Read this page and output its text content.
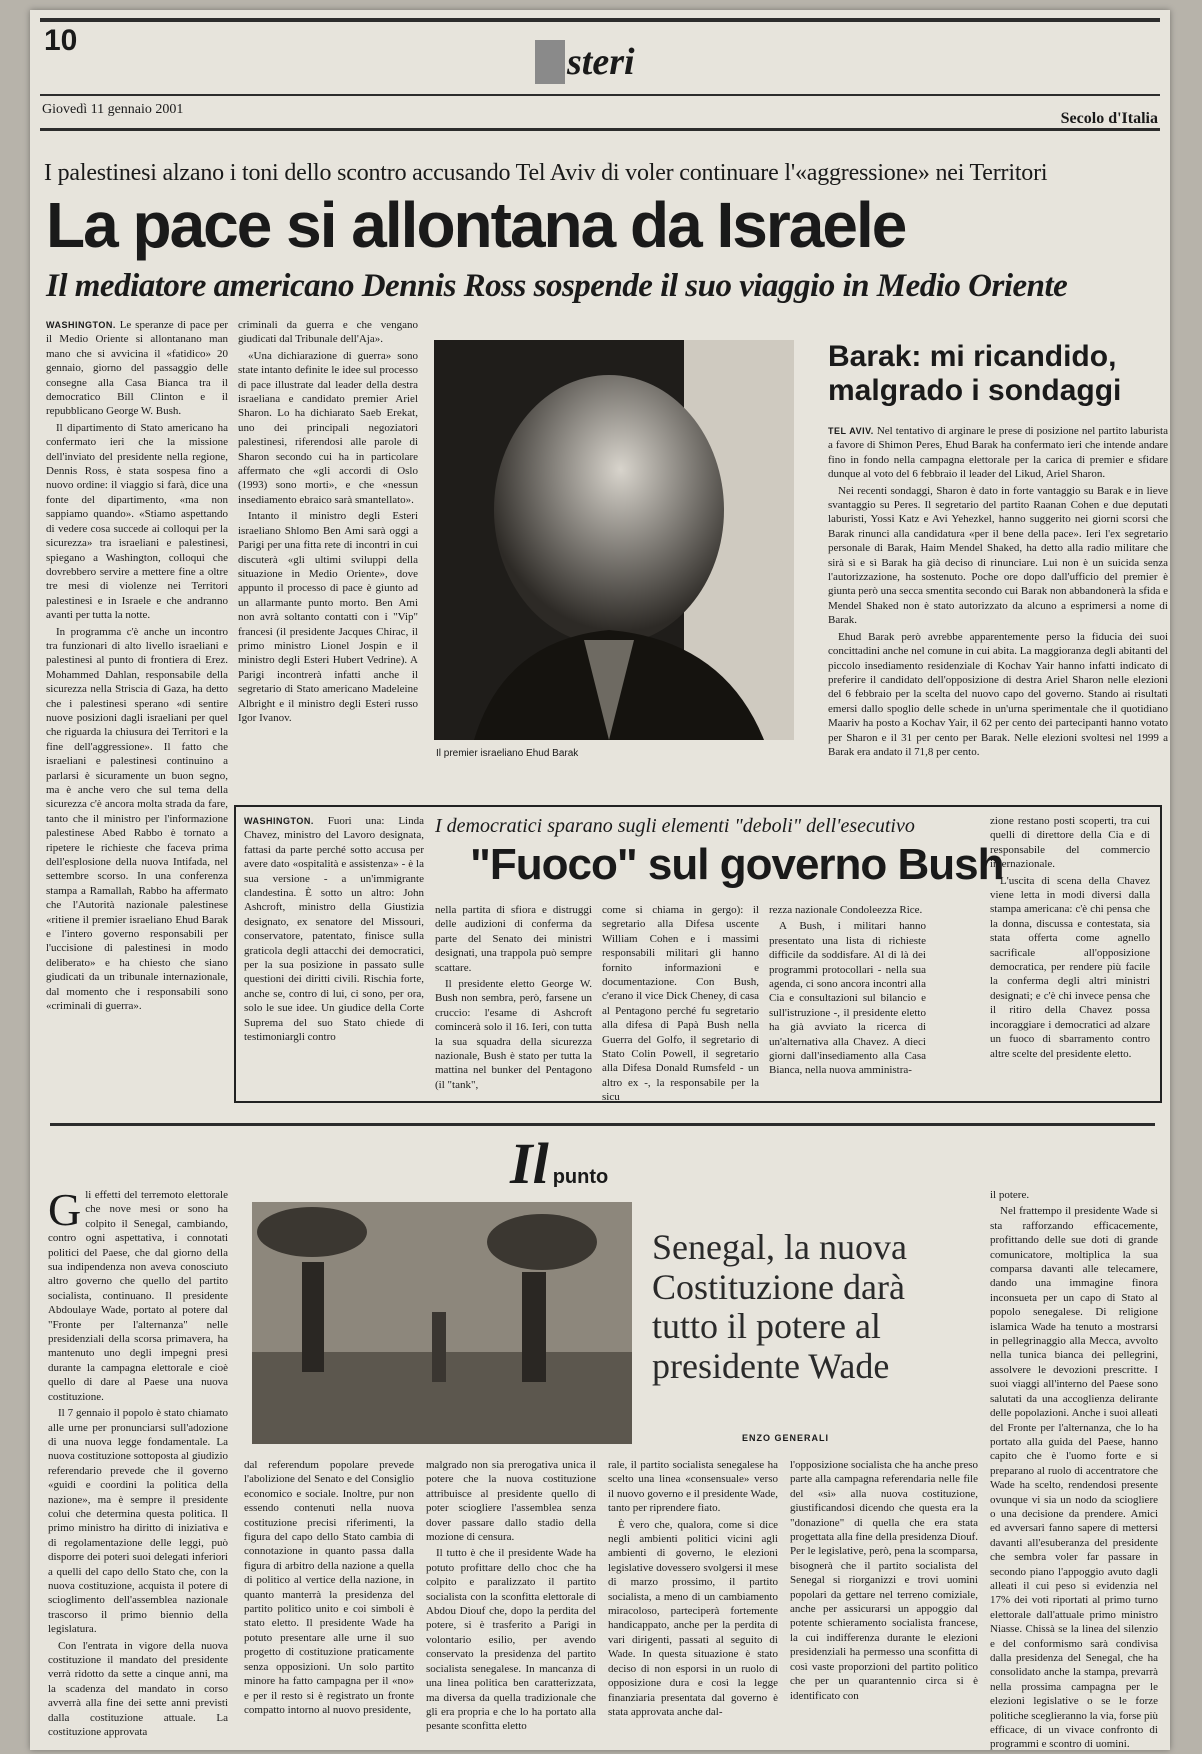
10
steri
Giovedì 11 gennaio 2001
Secolo d'Italia
I palestinesi alzano i toni dello scontro accusando Tel Aviv di voler continuare l'«aggressione» nei Territori
La pace si allontana da Israele
Il mediatore americano Dennis Ross sospende il suo viaggio in Medio Oriente

WASHINGTON. Le speranze di pace per il Medio Oriente si allontanano man mano che si avvicina il «fatidico» 20 gennaio, giorno del passaggio delle consegne alla Casa Bianca tra il democratico Bill Clinton e il repubblicano George W. Bush.

Il dipartimento di Stato americano ha confermato ieri che la missione dell'inviato del presidente nella regione, Dennis Ross, è stata sospesa fino a nuovo ordine: il viaggio si farà, dice una fonte del dipartimento, «ma non sappiamo quando». «Stiamo aspettando di vedere cosa succede ai colloqui per la sicurezza» tra israeliani e palestinesi, spiegano a Washington, colloqui che dovrebbero servire a mettere fine a oltre tre mesi di violenze nei Territori palestinesi e in Israele e che andranno avanti per tutta la notte.

In programma c'è anche un incontro tra funzionari di alto livello israeliani e palestinesi al punto di frontiera di Erez. Mohammed Dahlan, responsabile della sicurezza nella Striscia di Gaza, ha detto che i palestinesi sperano «di sentire nuove posizioni dagli israeliani per quel che riguarda la chiusura dei Territori e la fine dell'aggressione». Il fatto che israeliani e palestinesi continuino a parlarsi è sicuramente un buon segno, ma è anche vero che sul tema della sicurezza c'è ancora molta strada da fare, tanto che il ministro per l'informazione palestinese Abed Rabbo è tornato a ripetere le richieste che faceva prima dell'esplosione della nuova Intifada, nel settembre scorso. In una conferenza stampa a Ramallah, Rabbo ha affermato che l'Autorità nazionale palestinese «ritiene il premier israeliano Ehud Barak e l'intero governo responsabili per l'uccisione di palestinesi in modo deliberato» e ha chiesto che siano giudicati da un tribunale internazionale, dal momento che i responsabili sono «criminali di guerra».

criminali da guerra e che vengano giudicati dal Tribunale dell'Aja».

«Una dichiarazione di guerra» sono state intanto definite le idee sul processo di pace illustrate dal leader della destra israeliana e candidato premier Ariel Sharon. Lo ha dichiarato Saeb Erekat, uno dei principali negoziatori palestinesi, riferendosi alle parole di Sharon secondo cui ha in particolare affermato che «gli accordi di Oslo (1993) sono morti», e che «nessun insediamento ebraico sarà smantellato».

Intanto il ministro degli Esteri israeliano Shlomo Ben Ami sarà oggi a Parigi per una fitta rete di incontri in cui discuterà «gli ultimi sviluppi della situazione in Medio Oriente», dove appunto il processo di pace è giunto ad un allarmante punto morto. Ben Ami non avrà soltanto contatti con i "Vip" francesi (il presidente Jacques Chirac, il primo ministro Lionel Jospin e il ministro degli Esteri Hubert Vedrine). A Parigi incontrerà infatti anche il segretario di Stato americano Madeleine Albright e il ministro degli Esteri russo Igor Ivanov.

Il premier israeliano Ehud Barak
Barak: mi ricandido,
malgrado i sondaggi

TEL AVIV. Nel tentativo di arginare le prese di posizione nel partito laburista a favore di Shimon Peres, Ehud Barak ha confermato ieri che intende andare fino in fondo nella campagna elettorale per la carica di premier e sfidare dunque al voto del 6 febbraio il leader del Likud, Ariel Sharon.

Nei recenti sondaggi, Sharon è dato in forte vantaggio su Barak e in lieve svantaggio su Peres. Il segretario del partito Raanan Cohen e due deputati laburisti, Yossi Katz e Avi Yehezkel, hanno suggerito nei giorni scorsi che Barak rinunci alla candidatura «per il bene della pace». Ieri l'ex segretario personale di Barak, Haim Mendel Shaked, ha detto alla radio militare che sirà sì e sì Barak ha già deciso di rinunciare. Lui non è un suicida senza l'autorizzazione, ha sostenuto. Poche ore dopo dall'ufficio del premier è giunta però una secca smentita secondo cui Barak non abbandonerà la sfida e Mendel Shaked non è stato autorizzato da alcuno a esprimersi a nome di Barak.

Ehud Barak però avrebbe apparentemente perso la fiducia dei suoi concittadini anche nel comune in cui abita. La maggioranza degli abitanti del piccolo insediamento residenziale di Kochav Yair hanno infatti indicato di preferire il candidato dell'opposizione di destra Ariel Sharon nelle elezioni del 6 febbraio per la scelta del nuovo capo del governo. Stando ai risultati emersi dallo spoglio delle schede in un'urna sperimentale che il quotidiano Maariv ha posto a Kochav Yair, il 62 per cento dei partecipanti hanno votato per Sharon e il 31 per cento per Barak. Nelle elezioni svoltesi nel 1999 a Barak era andato il 71,8 per cento.

WASHINGTON. Fuori una: Linda Chavez, ministro del Lavoro designata, fattasi da parte perché sotto accusa per avere dato «ospitalità e assistenza» - è la sua versione - a un'immigrante clandestina. È sotto un altro: John Ashcroft, ministro della Giustizia designato, ex senatore del Missouri, conservatore, patentato, finisce sulla graticola degli attacchi dei democratici, per la sua posizione in passato sulle questioni dei diritti civili. Rischia forte, anche se, contro di lui, ci sono, per ora, solo le sue idee. Un giudice della Corte Suprema del suo Stato chiede di testimoniargli contro

I democratici sparano sugli elementi "deboli" dell'esecutivo
"Fuoco" sul governo Bush

nella partita di sfiora e distruggi delle audizioni di conferma da parte del Senato dei ministri designati, una trappola può sempre scattare.

Il presidente eletto George W. Bush non sembra, però, farsene un cruccio: l'esame di Ashcroft comincerà solo il 16. Ieri, con tutta la sua squadra della sicurezza nazionale, Bush è stato per tutta la mattina nel bunker del Pentagono (il "tank",

come si chiama in gergo): il segretario alla Difesa uscente William Cohen e i massimi responsabili militari gli hanno fornito informazioni e documentazione. Con Bush, c'erano il vice Dick Cheney, di casa al Pentagono perché fu segretario alla difesa di Papà Bush nella Guerra del Golfo, il segretario di Stato Colin Powell, il segretario alla Difesa Donald Rumsfeld - un altro ex -, la responsabile per la sicu

rezza nazionale Condoleezza Rice.

A Bush, i militari hanno presentato una lista di richieste difficile da soddisfare. Al di là dei programmi protocollari - nella sua agenda, ci sono ancora incontri alla Cia e consultazioni sul bilancio e sull'istruzione -, il presidente eletto ha già avviato la ricerca di un'alternativa alla Chavez. A dieci giorni dall'insediamento alla Casa Bianca, nella nuova amministra-

zione restano posti scoperti, tra cui quelli di direttore della Cia e di responsabile del commercio internazionale.

L'uscita di scena della Chavez viene letta in modi diversi dalla stampa americana: c'è chi pensa che la donna, discussa e contestata, sia stata offerta come agnello sacrificale all'opposizione democratica, per rendere più facile la conferma degli altri ministri designati; e c'è chi invece pensa che il ritiro della Chavez possa incoraggiare i democratici ad alzare un fuoco di sbarramento contro altre scelte del presidente eletto.

Il punto

Gli effetti del terremoto elettorale che nove mesi or sono ha colpito il Senegal, cambiando, contro ogni aspettativa, i connotati politici del Paese, che dal giorno della sua indipendenza non aveva conosciuto altro governo che quello del partito socialista, continuano. Il presidente Abdoulaye Wade, portato al potere dal "Fronte per l'alternanza" nelle presidenziali della scorsa primavera, ha mantenuto uno degli impegni presi durante la campagna elettorale e cioè quello di dare al Paese una nuova costituzione.

Il 7 gennaio il popolo è stato chiamato alle urne per pronunciarsi sull'adozione di una nuova legge fondamentale. La nuova costituzione sottoposta al giudizio referendario prevede che il governo «guidi e coordini la politica della nazione», ma è sempre il presidente colui che determina questa politica. Il primo ministro ha diritto di iniziativa e di regolamentazione delle leggi, può disporre dei poteri suoi delegati inferiori a quelli del capo dello Stato che, con la nuova costituzione, acquista il potere di scioglimento dell'assemblea nazionale trascorso il primo biennio della legislatura.

Con l'entrata in vigore della nuova costituzione il mandato del presidente verrà ridotto da sette a cinque anni, ma la scadenza del mandato in corso avverrà alla fine dei sette anni previsti dalla costituzione attuale. La costituzione approvata

Senegal, la nuova Costituzione darà tutto il potere al presidente Wade
ENZO GENERALI

il potere.

Nel frattempo il presidente Wade si sta rafforzando efficacemente, profittando delle sue doti di grande comunicatore, moltiplica la sua comparsa davanti alle telecamere, dando una immagine finora inconsueta per un capo di Stato al popolo senegalese. Di religione islamica Wade ha tenuto a mostrarsi in pellegrinaggio alla Mecca, avvolto nella tunica bianca dei pellegrini, assolvere le devozioni prescritte. I suoi viaggi all'interno del Paese sono salutati da una accoglienza delirante delle popolazioni. Anche i suoi alleati del Fronte per l'alternanza, che lo ha portato alla guida del Paese, hanno capito che è l'uomo forte e si preparano al ruolo di accentratore che Wade ha scelto, rendendosi presente ovunque vi sia un nodo da sciogliere o una decisione da prendere. Amici ed avversari fanno sapere di mettersi davanti all'esuberanza del presidente che sembra voler far passare in secondo piano l'appoggio avuto dagli alleati il cui peso si evidenzia nel 17% dei voti riportati al primo turno elettorale dall'attuale primo ministro Niasse. Chissà se la linea del silenzio e del conformismo sarà condivisa dalla presidenza del Senegal, che ha consolidato anche la stampa, prevarrà nella prossima campagna per le elezioni legislative o se le forze politiche sceglieranno la via, forse più efficace, di un vivace confronto di programmi e scontro di uomini.

dal referendum popolare prevede l'abolizione del Senato e del Consiglio economico e sociale. Inoltre, pur non essendo contenuti nella nuova costituzione precisi riferimenti, la figura del capo dello Stato cambia di connotazione in quanto passa dalla figura di arbitro della nazione a quella di politico al vertice della nazione, in quanto manterrà la presidenza del partito politico unito e coi simboli è stato eletto. Il presidente Wade ha potuto presentare alle urne il suo progetto di costituzione praticamente senza opposizioni. Un solo partito minore ha fatto campagna per il «no» e per il resto si è registrato un fronte compatto intorno al nuovo presidente,

malgrado non sia prerogativa unica il potere che la nuova costituzione attribuisce al presidente quello di poter sciogliere l'assemblea senza dover passare dallo stadio della mozione di censura.

Il tutto è che il presidente Wade ha potuto profittare dello choc che ha colpito e paralizzato il partito socialista con la sconfitta elettorale di Abdou Diouf che, dopo la perdita del potere, si è trasferito a Parigi in volontario esilio, per avendo conservato la presidenza del partito socialista senegalese. In mancanza di una linea politica ben caratterizzata, ma diversa da quella tradizionale che gli era propria e che lo ha portato alla pesante sconfitta eletto

rale, il partito socialista senegalese ha scelto una linea «consensuale» verso il nuovo governo e il presidente Wade, tanto per riprendere fiato.

È vero che, qualora, come si dice negli ambienti politici vicini agli ambienti di governo, le elezioni legislative dovessero svolgersi il mese di marzo prossimo, il partito socialista, a meno di un cambiamento miracoloso, parteciperà fortemente handicappato, anche per la perdita di vari dirigenti, passati al seguito di Wade. In questa situazione è stato deciso di non esporsi in un ruolo di opposizione dura e così la legge finanziaria presentata dal governo è stata approvata anche dal-

l'opposizione socialista che ha anche preso parte alla campagna referendaria nelle file del «sì» alla nuova costituzione, giustificandosi dicendo che questa era la "donazione" di quella che era stata progettata alla fine della presidenza Diouf. Per le legislative, però, pena la scomparsa, bisognerà che il partito socialista del Senegal si riorganizzi e trovi uomini popolari da gettare nel terreno comiziale, anche per assicurarsi un appoggio dal potente schieramento socialista francese, la cui indifferenza durante le elezioni presidenziali ha permesso una sconfitta di così vaste proporzioni del partito politico che per un quarantennio circa si è identificato con
